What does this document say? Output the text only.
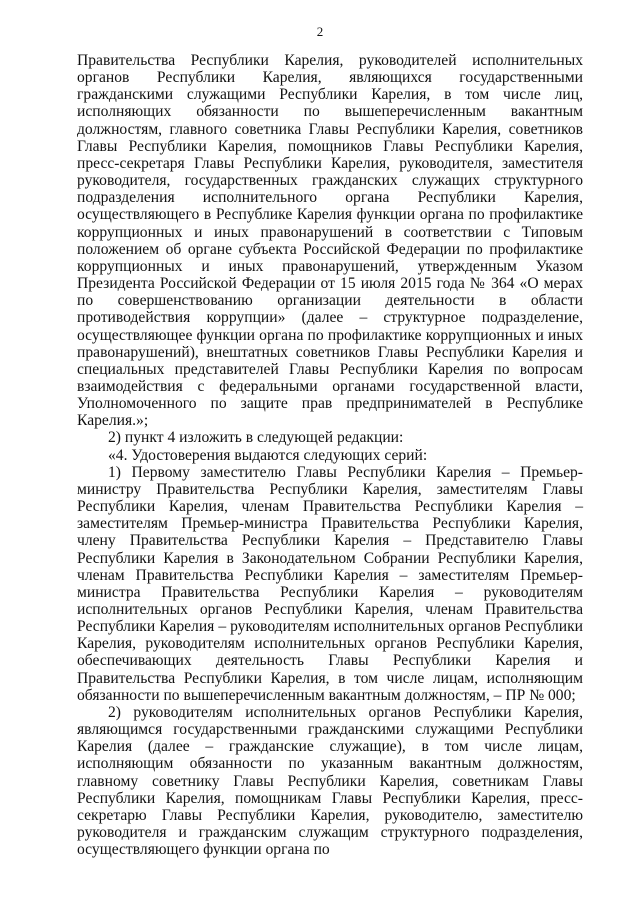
2

Правительства Республики Карелия, руководителей исполнительных органов Республики Карелия, являющихся государственными гражданскими служащими Республики Карелия, в том числе лиц, исполняющих обязанности по вышеперечисленным вакантным должностям, главного советника Главы Республики Карелия, советников Главы Республики Карелия, помощников Главы Республики Карелия, пресс-секретаря Главы Республики Карелия, руководителя, заместителя руководителя, государственных гражданских служащих структурного подразделения исполнительного органа Республики Карелия, осуществляющего в Республике Карелия функции органа по профилактике коррупционных и иных правонарушений в соответствии с Типовым положением об органе субъекта Российской Федерации по профилактике коррупционных и иных правонарушений, утвержденным Указом Президента Российской Федерации от 15 июля 2015 года № 364 «О мерах по совершенствованию организации деятельности в области противодействия коррупции» (далее – структурное подразделение, осуществляющее функции органа по профилактике коррупционных и иных правонарушений), внештатных советников Главы Республики Карелия и специальных представителей Главы Республики Карелия по вопросам взаимодействия с федеральными органами государственной власти, Уполномоченного по защите прав предпринимателей в Республике Карелия.»;

2) пункт 4 изложить в следующей редакции:

«4. Удостоверения выдаются следующих серий:

1) Первому заместителю Главы Республики Карелия – Премьер-министру Правительства Республики Карелия, заместителям Главы Республики Карелия, членам Правительства Республики Карелия – заместителям Премьер-министра Правительства Республики Карелия, члену Правительства Республики Карелия – Представителю Главы Республики Карелия в Законодательном Собрании Республики Карелия, членам Правительства Республики Карелия – заместителям Премьер-министра Правительства Республики Карелия – руководителям исполнительных органов Республики Карелия, членам Правительства Республики Карелия – руководителям исполнительных органов Республики Карелия, руководителям исполнительных органов Республики Карелия, обеспечивающих деятельность Главы Республики Карелия и Правительства Республики Карелия, в том числе лицам, исполняющим обязанности по вышеперечисленным вакантным должностям, – ПР № 000;

2) руководителям исполнительных органов Республики Карелия, являющимся государственными гражданскими служащими Республики Карелия (далее – гражданские служащие), в том числе лицам, исполняющим обязанности по указанным вакантным должностям, главному советнику Главы Республики Карелия, советникам Главы Республики Карелия, помощникам Главы Республики Карелия, пресс-секретарю Главы Республики Карелия, руководителю, заместителю руководителя и гражданским служащим структурного подразделения, осуществляющего функции органа по
